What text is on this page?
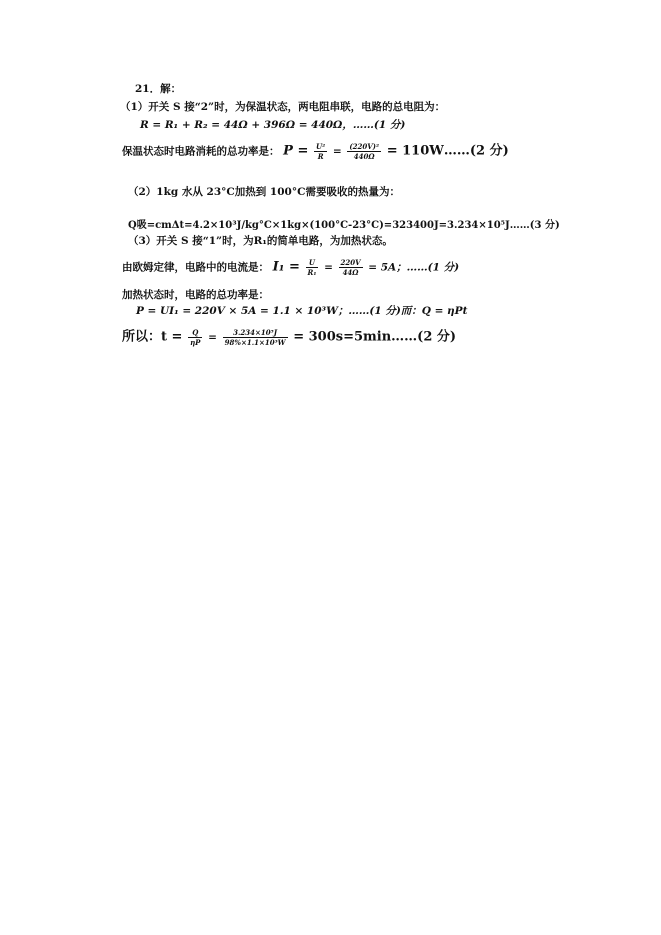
21．解：
（1）开关 S 接“2”时，为保温状态，两电阻串联，电路的总电阻为：
R = R₁ + R₂ = 44Ω + 396Ω = 440Ω，……(1 分)
保温状态时电路消耗的总功率是： $P = \frac{\text{U²}}{R} = \frac{\text{(220V)²}}{440\Omega}$ = 110W……(2 分)
（2）1kg 水从 23°C加热到 100°C需要吸收的热量为：
Q吸=cmΔt=4.2×10³J/kg°C×1kg×(100°C-23°C)=323400J=3.234×10⁵J……(3 分)
（3）开关 S 接“1”时，为R₁的简单电路，为加热状态。
由欧姆定律，电路中的电流是： $I_1 = \frac{U}{\text{R₁}} = \frac{220V}{44\Omega} = 5A$；……(1 分)
加热状态时，电路的总功率是：
P = UI₁ = 220V × 5A = 1.1 × 10³W；……(1 分)而：Q = ηPt
所以：$t = \frac{Q}{\eta P} = \frac{\text{3.234×10⁵J}}{\text{98\%×1.1×10³W}}$ = 300s=5min……(2 分)
